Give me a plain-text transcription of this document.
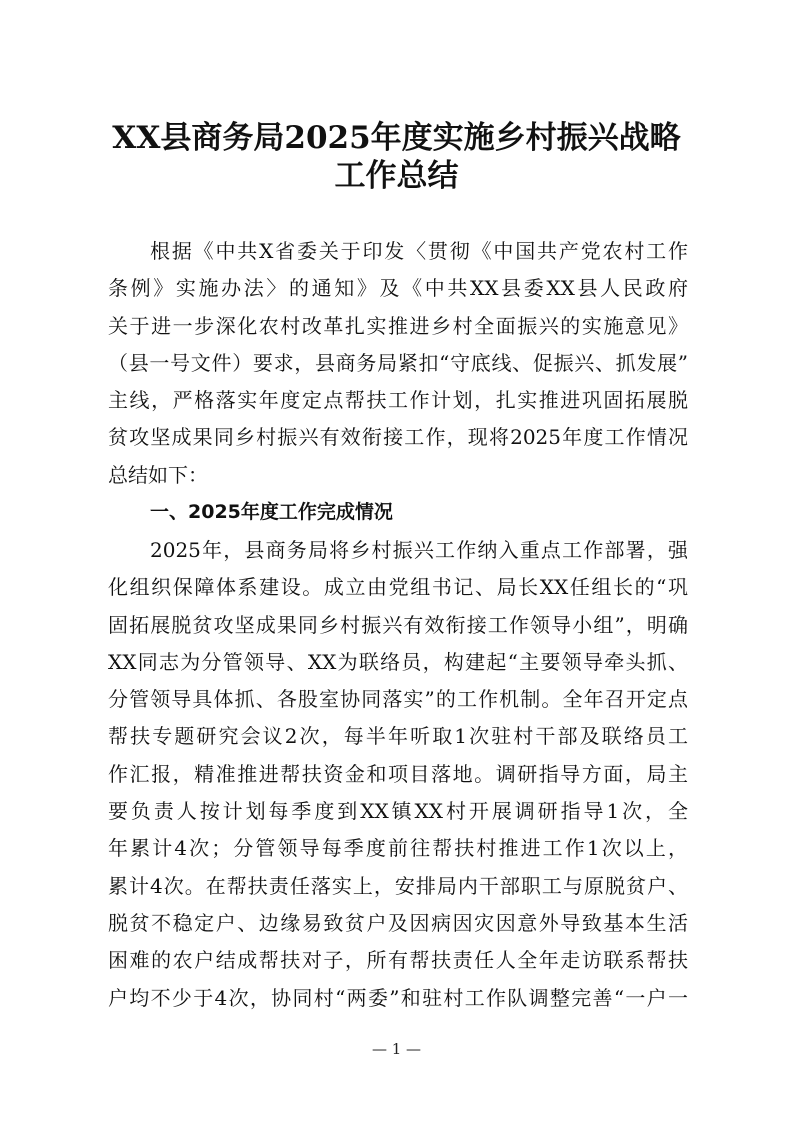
XX县商务局2025年度实施乡村振兴战略
工作总结
根据《中共X省委关于印发〈贯彻《中国共产党农村工作
条例》实施办法〉的通知》及《中共XX县委XX县人民政府
关于进一步深化农村改革扎实推进乡村全面振兴的实施意见》
（县一号文件）要求，县商务局紧扣“守底线、促振兴、抓发展”
主线，严格落实年度定点帮扶工作计划，扎实推进巩固拓展脱
贫攻坚成果同乡村振兴有效衔接工作，现将2025年度工作情况
总结如下：
一、2025年度工作完成情况
2025年，县商务局将乡村振兴工作纳入重点工作部署，强
化组织保障体系建设。成立由党组书记、局长XX任组长的“巩
固拓展脱贫攻坚成果同乡村振兴有效衔接工作领导小组”，明确
XX同志为分管领导、XX为联络员，构建起“主要领导牵头抓、
分管领导具体抓、各股室协同落实”的工作机制。全年召开定点
帮扶专题研究会议2次，每半年听取1次驻村干部及联络员工
作汇报，精准推进帮扶资金和项目落地。调研指导方面，局主
要负责人按计划每季度到XX镇XX村开展调研指导1次，全
年累计4次；分管领导每季度前往帮扶村推进工作1次以上，
累计4次。在帮扶责任落实上，安排局内干部职工与原脱贫户、
脱贫不稳定户、边缘易致贫户及因病因灾因意外导致基本生活
困难的农户结成帮扶对子，所有帮扶责任人全年走访联系帮扶
户均不少于4次，协同村“两委”和驻村工作队调整完善“一户一
— 1 —
